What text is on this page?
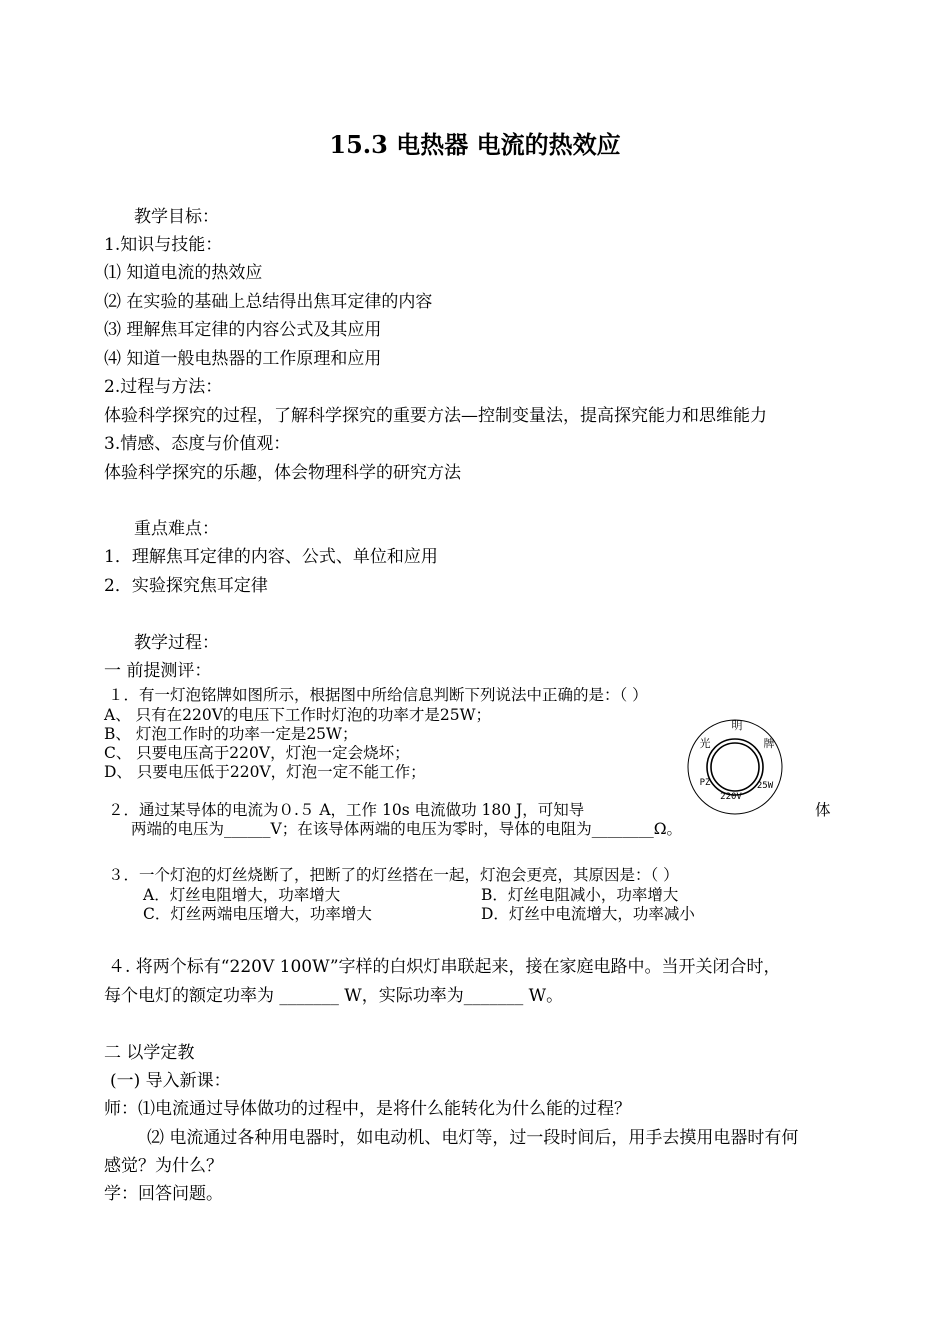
15.3 电热器 电流的热效应
教学目标：
1.知识与技能：
⑴ 知道电流的热效应
⑵ 在实验的基础上总结得出焦耳定律的内容
⑶ 理解焦耳定律的内容公式及其应用
⑷ 知道一般电热器的工作原理和应用
2.过程与方法：
体验科学探究的过程，了解科学探究的重要方法—控制变量法，提高探究能力和思维能力
3.情感、态度与价值观：
体验科学探究的乐趣，体会物理科学的研究方法
重点难点：
1．理解焦耳定律的内容、公式、单位和应用
2．实验探究焦耳定律
教学过程：
一 前提测评：
１．有一灯泡铭牌如图所示，根据图中所给信息判断下列说法中正确的是：（ ）
A、 只有在220V的电压下工作时灯泡的功率才是25W；
B、 灯泡工作时的功率一定是25W；
C、 只要电压高于220V，灯泡一定会烧坏；
D、 只要电压低于220V，灯泡一定不能工作；
明
光	牌
PZ	25W
220V
２．通过某导体的电流为０.５ A，工作 10s 电流做功 180 J，可知导	体
两端的电压为______V；在该导体两端的电压为零时，导体的电阻为________Ω。
３．一个灯泡的灯丝烧断了，把断了的灯丝搭在一起，灯泡会更亮，其原因是：（ ）
A．灯丝电阻增大，功率增大	B．灯丝电阻减小，功率增大
C．灯丝两端电压增大，功率增大	D．灯丝中电流增大，功率减小
４. 将两个标有“220V 100W”字样的白炽灯串联起来，接在家庭电路中。当开关闭合时，
每个电灯的额定功率为 _______ W，实际功率为_______ W。
二 以学定教
(一) 导入新课：
师：⑴电流通过导体做功的过程中，是将什么能转化为什么能的过程？
⑵ 电流通过各种用电器时，如电动机、电灯等，过一段时间后，用手去摸用电器时有何
感觉？为什么？
学：回答问题。
